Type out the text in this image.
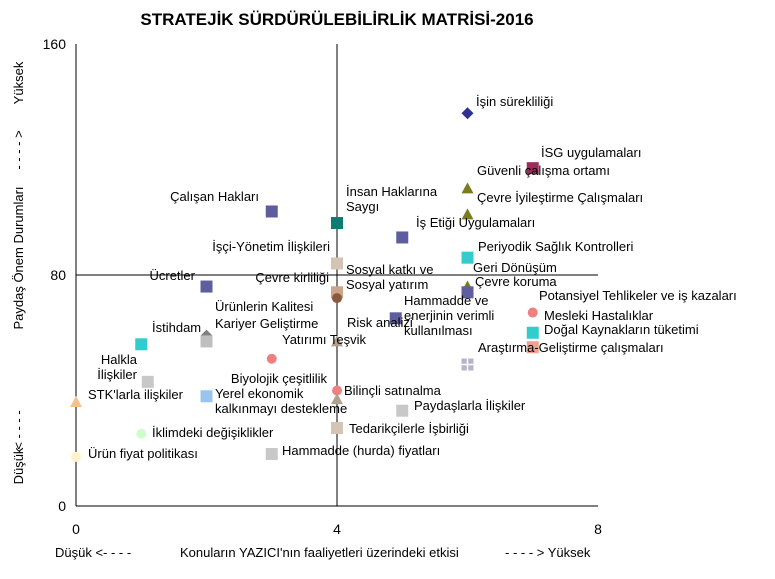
STRATEJİK SÜRDÜRÜLEBİLİRLİK MATRİSİ-2016
0	4	8
0
80
160
Yüksek
- - - - >
Paydaş Önem Durumları
< - - - -
Düşük
Düşük <- - - -	Konuların YAZICI'nın faaliyetleri üzerindeki etkisi	- - - - > Yüksek
İşin sürekliliği
İSG uygulamaları
Güvenli çalışma ortamı
Çevre İyileştirme Çalışmaları
Çalışan Hakları	İnsan Haklarına
Saygı
İş Etiği Uygulamaları
Periyodik Sağlık Kontrolleri
İşçi-Yönetim İlişkileri
Geri Dönüşüm
Ücretler	Çevre kirliliği
Sosyal katkı ve
Sosyal yatırım	Çevre koruma
Potansiyel Tehlikeler ve iş kazaları
Hammadde ve
enerjinin verimli
kullanılması
Mesleki Hastalıklar
Ürünlerin Kalitesi
Kariyer Geliştirme
İstihdam	Risk analizi	Doğal Kaynakların tüketimi
Yatırımı Teşvik
Araştırma-Geliştirme çalışmaları
Halkla
İlişkiler	Biyolojik çeşitlilik
Bilinçli satınalma
STK'larla ilişkiler Yerel ekonomik
kalkınmayı destekleme	Paydaşlarla İlişkiler
Tedarikçilerle İşbirliği
İklimdeki değişiklikler
Hammadde (hurda) fiyatları
Ürün fiyat politikası
